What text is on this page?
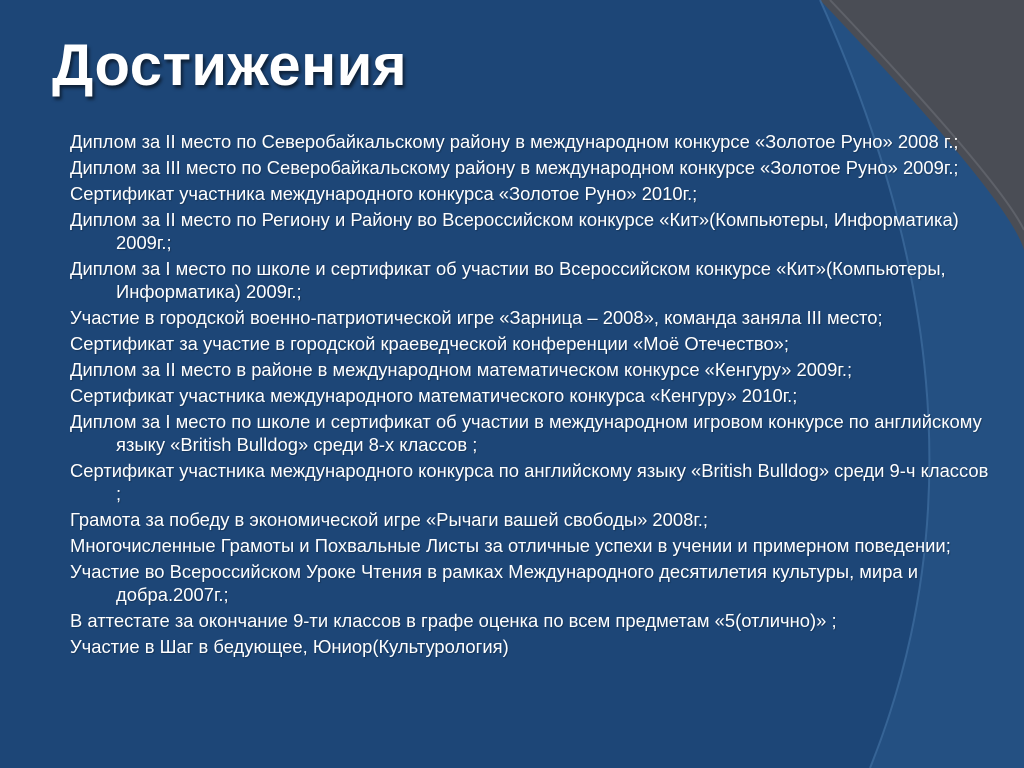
Достижения
Диплом за II место по Северобайкальскому району в международном конкурсе «Золотое Руно» 2008 г.;
Диплом за III место по Северобайкальскому району в международном конкурсе «Золотое Руно» 2009г.;
Сертификат участника международного конкурса «Золотое Руно» 2010г.;
Диплом за II место по Региону и Району во Всероссийском конкурсе «Кит»(Компьютеры, Информатика) 2009г.;
Диплом за I место по школе и сертификат об участии во Всероссийском конкурсе «Кит»(Компьютеры, Информатика) 2009г.;
Участие в городской военно-патриотической игре «Зарница – 2008», команда заняла III место;
Сертификат за участие в городской краеведческой конференции «Моё Отечество»;
Диплом за II место в районе в международном математическом конкурсе «Кенгуру» 2009г.;
Сертификат участника международного математического конкурса «Кенгуру» 2010г.;
Диплом за I место по школе и сертификат об участии в международном игровом конкурсе по английскому языку «British Bulldog» среди 8-х классов ;
Сертификат участника международного конкурса по английскому языку «British Bulldog» среди 9-ч классов ;
Грамота за победу в экономической игре «Рычаги вашей свободы» 2008г.;
Многочисленные Грамоты и Похвальные Листы за отличные успехи в учении и примерном поведении;
Участие во Всероссийском Уроке Чтения в рамках Международного десятилетия культуры, мира и добра.2007г.;
В аттестате за окончание 9-ти классов в графе оценка по всем предметам «5(отлично)» ;
Участие в Шаг в бедующее, Юниор(Культурология)
